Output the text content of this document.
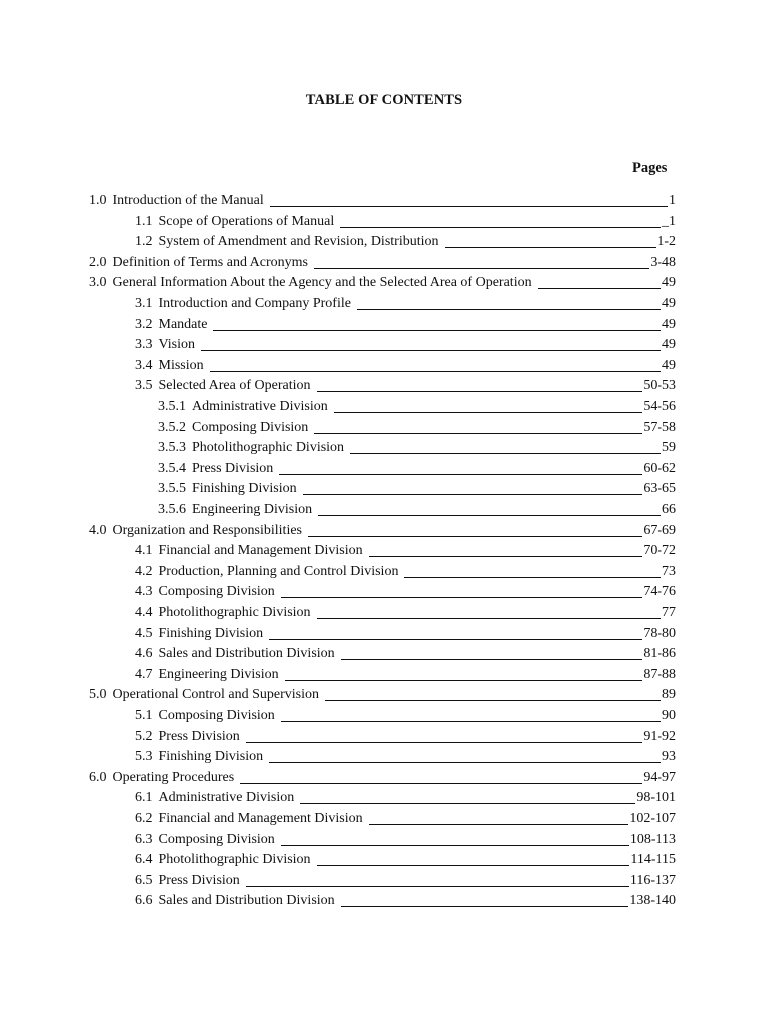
TABLE OF CONTENTS
Pages
1.0 Introduction of the Manual	1
1.1 Scope of Operations of Manual	_1
1.2 System of Amendment and Revision, Distribution	1-2
2.0 Definition of Terms and Acronyms	3-48
3.0 General Information About the Agency and the Selected Area of Operation	49
3.1 Introduction and Company Profile	49
3.2 Mandate	49
3.3 Vision	49
3.4 Mission	49
3.5 Selected Area of Operation	50-53
3.5.1 Administrative Division	54-56
3.5.2 Composing Division	57-58
3.5.3 Photolithographic Division	59
3.5.4 Press Division	60-62
3.5.5 Finishing Division	63-65
3.5.6 Engineering Division	66
4.0 Organization and Responsibilities	67-69
4.1 Financial and Management Division	70-72
4.2 Production, Planning and Control Division	73
4.3 Composing Division	74-76
4.4 Photolithographic Division	77
4.5 Finishing Division	78-80
4.6 Sales and Distribution Division	81-86
4.7 Engineering Division	87-88
5.0 Operational Control and Supervision	89
5.1 Composing Division	90
5.2 Press Division	91-92
5.3 Finishing Division	93
6.0 Operating Procedures	94-97
6.1 Administrative Division	98-101
6.2 Financial and Management Division	102-107
6.3 Composing Division	108-113
6.4 Photolithographic Division	114-115
6.5 Press Division	116-137
6.6 Sales and Distribution Division	138-140
